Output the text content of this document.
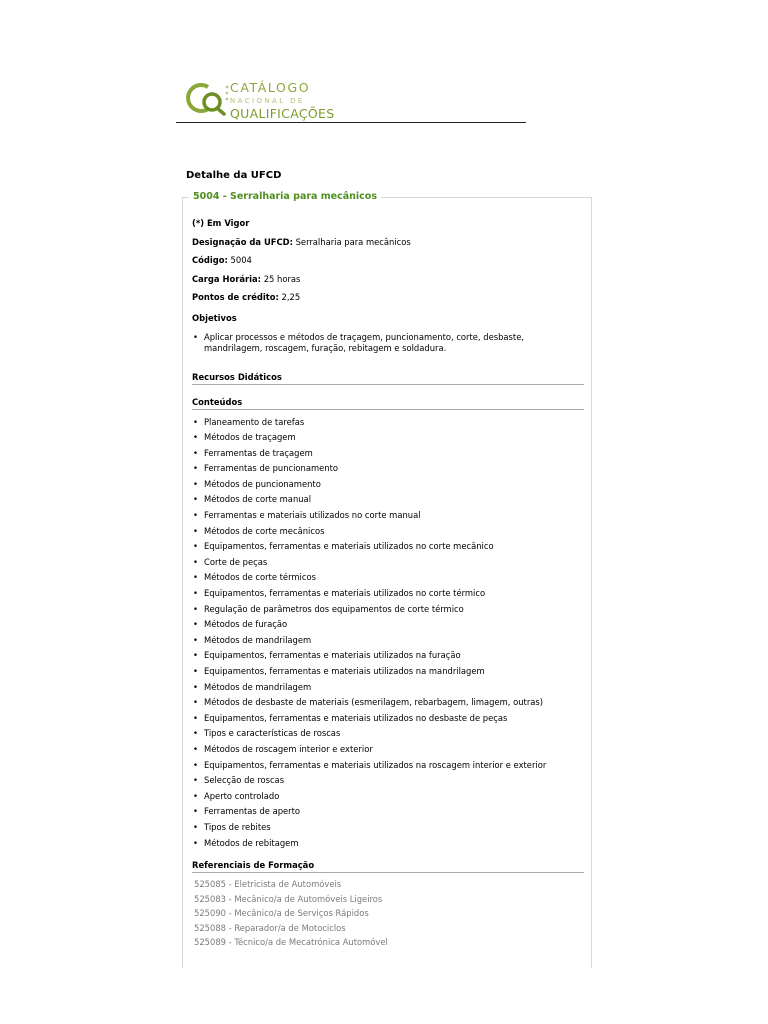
CATÁLOGO
NACIONAL DE
QUALIFICAÇÕES
Detalhe da UFCD
5004 - Serralharia para mecânicos
(*) Em Vigor
Designação da UFCD: Serralharia para mecânicos
Código: 5004
Carga Horária: 25 horas
Pontos de crédito: 2,25
Objetivos
• Aplicar processos e métodos de traçagem, puncionamento, corte, desbaste, mandrilagem, roscagem, furação, rebitagem e soldadura.
Recursos Didáticos
Conteúdos
• Planeamento de tarefas
• Métodos de traçagem
• Ferramentas de traçagem
• Ferramentas de puncionamento
• Métodos de puncionamento
• Métodos de corte manual
• Ferramentas e materiais utilizados no corte manual
• Métodos de corte mecânicos
• Equipamentos, ferramentas e materiais utilizados no corte mecânico
• Corte de peças
• Métodos de corte térmicos
• Equipamentos, ferramentas e materiais utilizados no corte térmico
• Regulação de parâmetros dos equipamentos de corte térmico
• Métodos de furação
• Métodos de mandrilagem
• Equipamentos, ferramentas e materiais utilizados na furação
• Equipamentos, ferramentas e materiais utilizados na mandrilagem
• Métodos de mandrilagem
• Métodos de desbaste de materiais (esmerilagem, rebarbagem, limagem, outras)
• Equipamentos, ferramentas e materiais utilizados no desbaste de peças
• Tipos e características de roscas
• Métodos de roscagem interior e exterior
• Equipamentos, ferramentas e materiais utilizados na roscagem interior e exterior
• Selecção de roscas
• Aperto controlado
• Ferramentas de aperto
• Tipos de rebites
• Métodos de rebitagem
Referenciais de Formação
525085 - Eletricista de Automóveis
525083 - Mecânico/a de Automóveis Ligeiros
525090 - Mecânico/a de Serviços Rápidos
525088 - Reparador/a de Motociclos
525089 - Técnico/a de Mecatrónica Automóvel
